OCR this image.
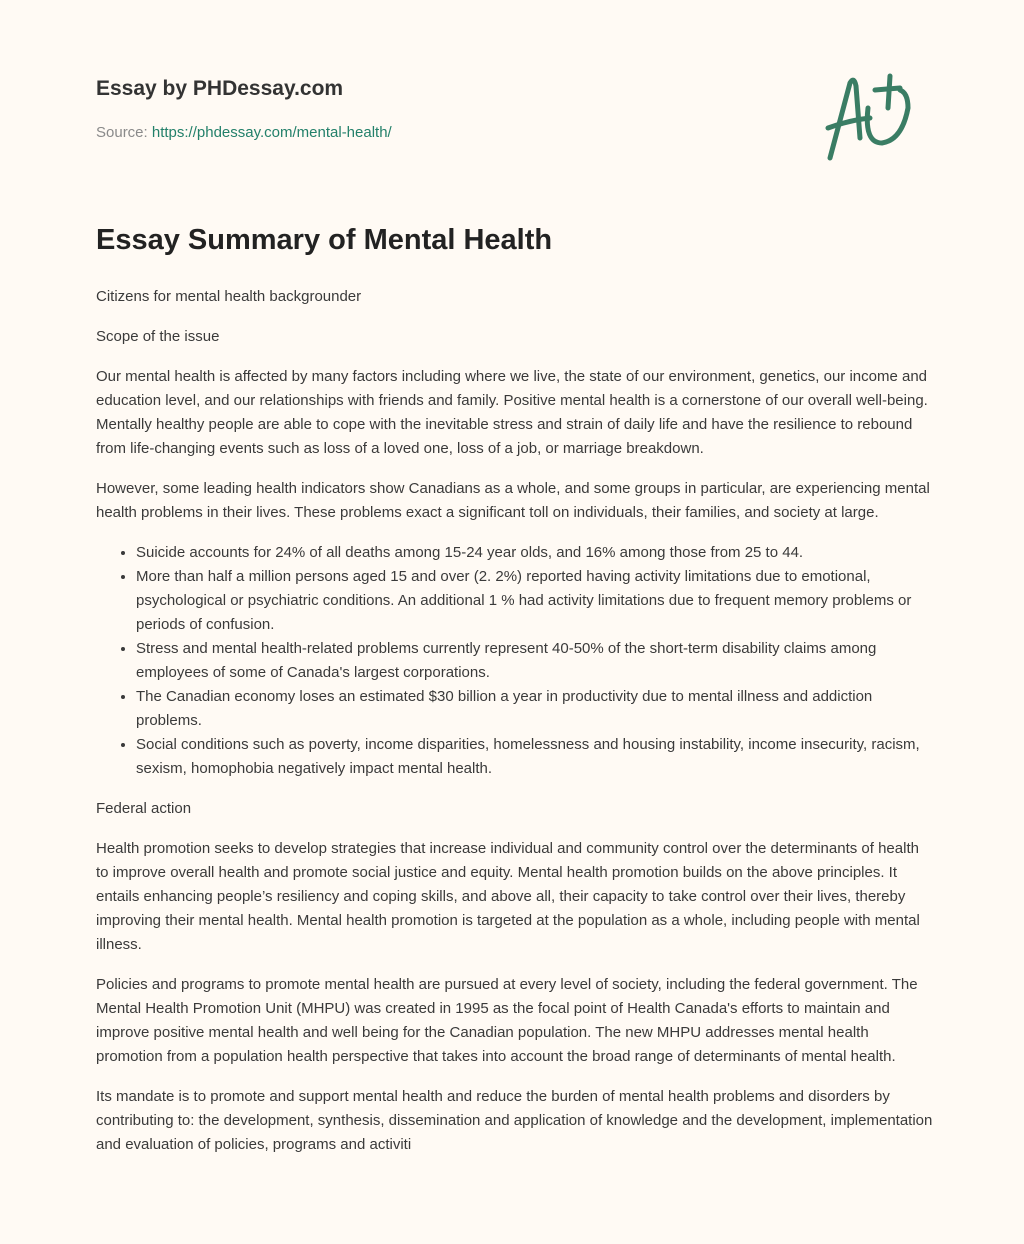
Essay by PHDessay.com
Source: https://phdessay.com/mental-health/
Essay Summary of Mental Health

Citizens for mental health backgrounder

Scope of the issue

Our mental health is affected by many factors including where we live, the state of our environment, genetics, our income and education level, and our relationships with friends and family. Positive mental health is a cornerstone of our overall well-being. Mentally healthy people are able to cope with the inevitable stress and strain of daily life and have the resilience to rebound from life-changing events such as loss of a loved one, loss of a job, or marriage breakdown.

However, some leading health indicators show Canadians as a whole, and some groups in particular, are experiencing mental health problems in their lives. These problems exact a significant toll on individuals, their families, and society at large.

• Suicide accounts for 24% of all deaths among 15-24 year olds, and 16% among those from 25 to 44.
• More than half a million persons aged 15 and over (2. 2%) reported having activity limitations due to emotional, psychological or psychiatric conditions. An additional 1 % had activity limitations due to frequent memory problems or periods of confusion.
• Stress and mental health-related problems currently represent 40-50% of the short-term disability claims among employees of some of Canada's largest corporations.
• The Canadian economy loses an estimated $30 billion a year in productivity due to mental illness and addiction problems.
• Social conditions such as poverty, income disparities, homelessness and housing instability, income insecurity, racism, sexism, homophobia negatively impact mental health.

Federal action

Health promotion seeks to develop strategies that increase individual and community control over the determinants of health to improve overall health and promote social justice and equity. Mental health promotion builds on the above principles. It entails enhancing people’s resiliency and coping skills, and above all, their capacity to take control over their lives, thereby improving their mental health. Mental health promotion is targeted at the population as a whole, including people with mental illness.

Policies and programs to promote mental health are pursued at every level of society, including the federal government. The Mental Health Promotion Unit (MHPU) was created in 1995 as the focal point of Health Canada's efforts to maintain and improve positive mental health and well being for the Canadian population. The new MHPU addresses mental health promotion from a population health perspective that takes into account the broad range of determinants of mental health.

Its mandate is to promote and support mental health and reduce the burden of mental health problems and disorders by contributing to: the development, synthesis, dissemination and application of knowledge and the development, implementation and evaluation of policies, programs and activiti
